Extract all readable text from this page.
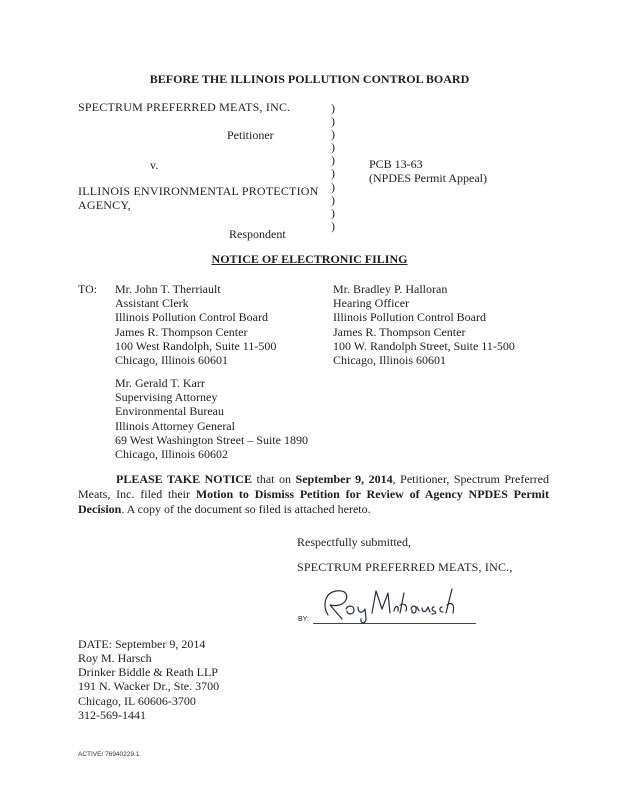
BEFORE THE ILLINOIS POLLUTION CONTROL BOARD
SPECTRUM PREFERRED MEATS, INC.
Petitioner
v.
ILLINOIS ENVIRONMENTAL PROTECTION
AGENCY,
Respondent
)
)
)
)
)
)
)
)
)
)
PCB 13-63
(NPDES Permit Appeal)
NOTICE OF ELECTRONIC FILING
TO: Mr. John T. Therriault
Assistant Clerk
Illinois Pollution Control Board
James R. Thompson Center
100 West Randolph, Suite 11-500
Chicago, Illinois 60601
Mr. Bradley P. Halloran
Hearing Officer
Illinois Pollution Control Board
James R. Thompson Center
100 W. Randolph Street, Suite 11-500
Chicago, Illinois 60601
Mr. Gerald T. Karr
Supervising Attorney
Environmental Bureau
Illinois Attorney General
69 West Washington Street – Suite 1890
Chicago, Illinois 60602
PLEASE TAKE NOTICE that on September 9, 2014, Petitioner, Spectrum Preferred Meats, Inc. filed their Motion to Dismiss Petition for Review of Agency NPDES Permit Decision. A copy of the document so filed is attached hereto.
Respectfully submitted,
SPECTRUM PREFERRED MEATS, INC.,
BY:
DATE: September 9, 2014
Roy M. Harsch
Drinker Biddle & Reath LLP
191 N. Wacker Dr., Ste. 3700
Chicago, IL 60606-3700
312-569-1441
ACTIVE/ 76940229.1
